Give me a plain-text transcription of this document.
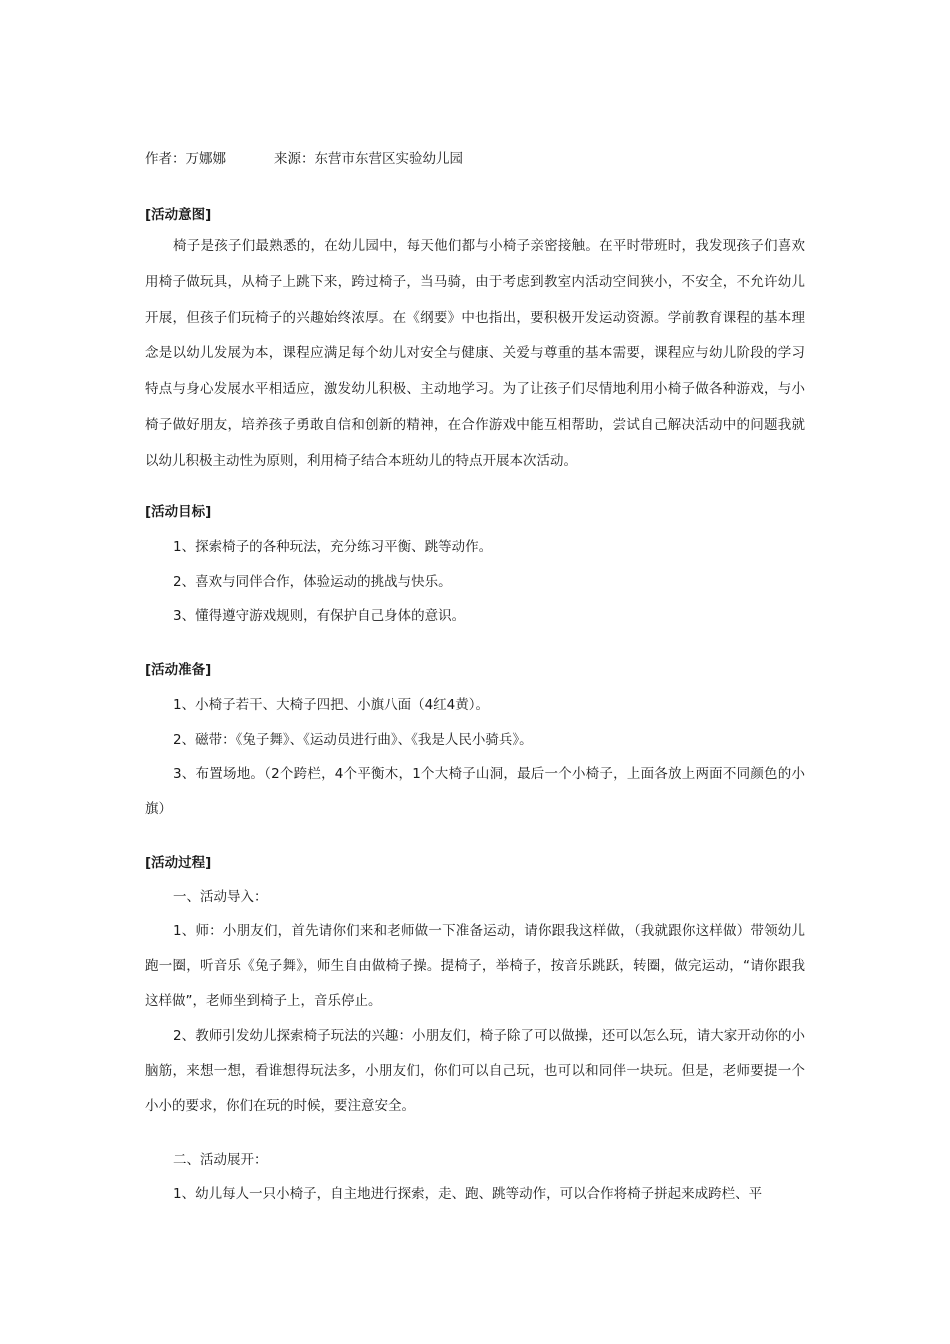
作者：万娜娜	来源：东营市东营区实验幼儿园
[活动意图]

椅子是孩子们最熟悉的，在幼儿园中，每天他们都与小椅子亲密接触。在平时带班时，我发现孩子们喜欢用椅子做玩具，从椅子上跳下来，跨过椅子，当马骑，由于考虑到教室内活动空间狭小，不安全，不允许幼儿开展，但孩子们玩椅子的兴趣始终浓厚。在《纲要》中也指出，要积极开发运动资源。学前教育课程的基本理念是以幼儿发展为本，课程应满足每个幼儿对安全与健康、关爱与尊重的基本需要，课程应与幼儿阶段的学习特点与身心发展水平相适应，激发幼儿积极、主动地学习。为了让孩子们尽情地利用小椅子做各种游戏，与小椅子做好朋友，培养孩子勇敢自信和创新的精神，在合作游戏中能互相帮助，尝试自己解决活动中的问题我就以幼儿积极主动性为原则，利用椅子结合本班幼儿的特点开展本次活动。

[活动目标]
1、探索椅子的各种玩法，充分练习平衡、跳等动作。
2、喜欢与同伴合作，体验运动的挑战与快乐。
3、懂得遵守游戏规则，有保护自己身体的意识。
[活动准备]
1、小椅子若干、大椅子四把、小旗八面（4红4黄）。
2、磁带：《兔子舞》、《运动员进行曲》、《我是人民小骑兵》。

3、布置场地。（2个跨栏，4个平衡木，1个大椅子山洞，最后一个小椅子，上面各放上两面不同颜色的小旗）

[活动过程]
一、活动导入：

1、师：小朋友们，首先请你们来和老师做一下准备运动，请你跟我这样做，（我就跟你这样做）带领幼儿跑一圈，听音乐《兔子舞》，师生自由做椅子操。提椅子，举椅子，按音乐跳跃，转圈，做完运动，“请你跟我这样做”，老师坐到椅子上，音乐停止。

2、教师引发幼儿探索椅子玩法的兴趣：小朋友们，椅子除了可以做操，还可以怎么玩，请大家开动你的小脑筋，来想一想，看谁想得玩法多，小朋友们，你们可以自己玩，也可以和同伴一块玩。但是，老师要提一个小小的要求，你们在玩的时候，要注意安全。

二、活动展开：
1、幼儿每人一只小椅子，自主地进行探索，走、跑、跳等动作，可以合作将椅子拼起来成跨栏、平
